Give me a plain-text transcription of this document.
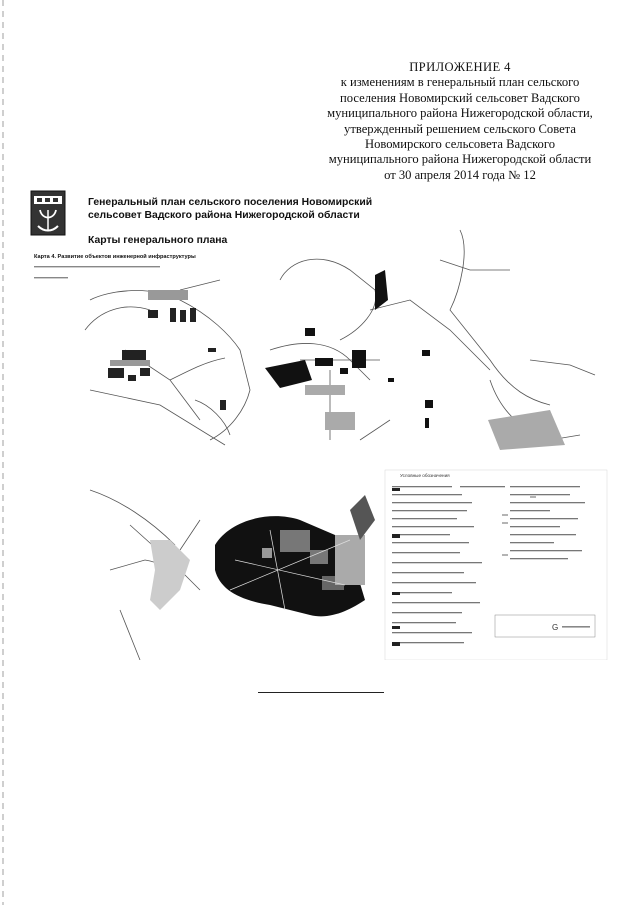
ПРИЛОЖЕНИЕ 4
к изменениям в генеральный план сельского
поселения Новомирский сельсовет Вадского
муниципального района Нижегородской области,
утвержденный решением сельского Совета
Новомирского сельсовета Вадского
муниципального района Нижегородской области
от 30 апреля 2014 года № 12
G
Генеральный план сельского поселения Новомирский
сельсовет Вадского района Нижегородской области
Карты генерального плана
Карта 4. Развитие объектов инженерной инфраструктуры
Условные обозначения
